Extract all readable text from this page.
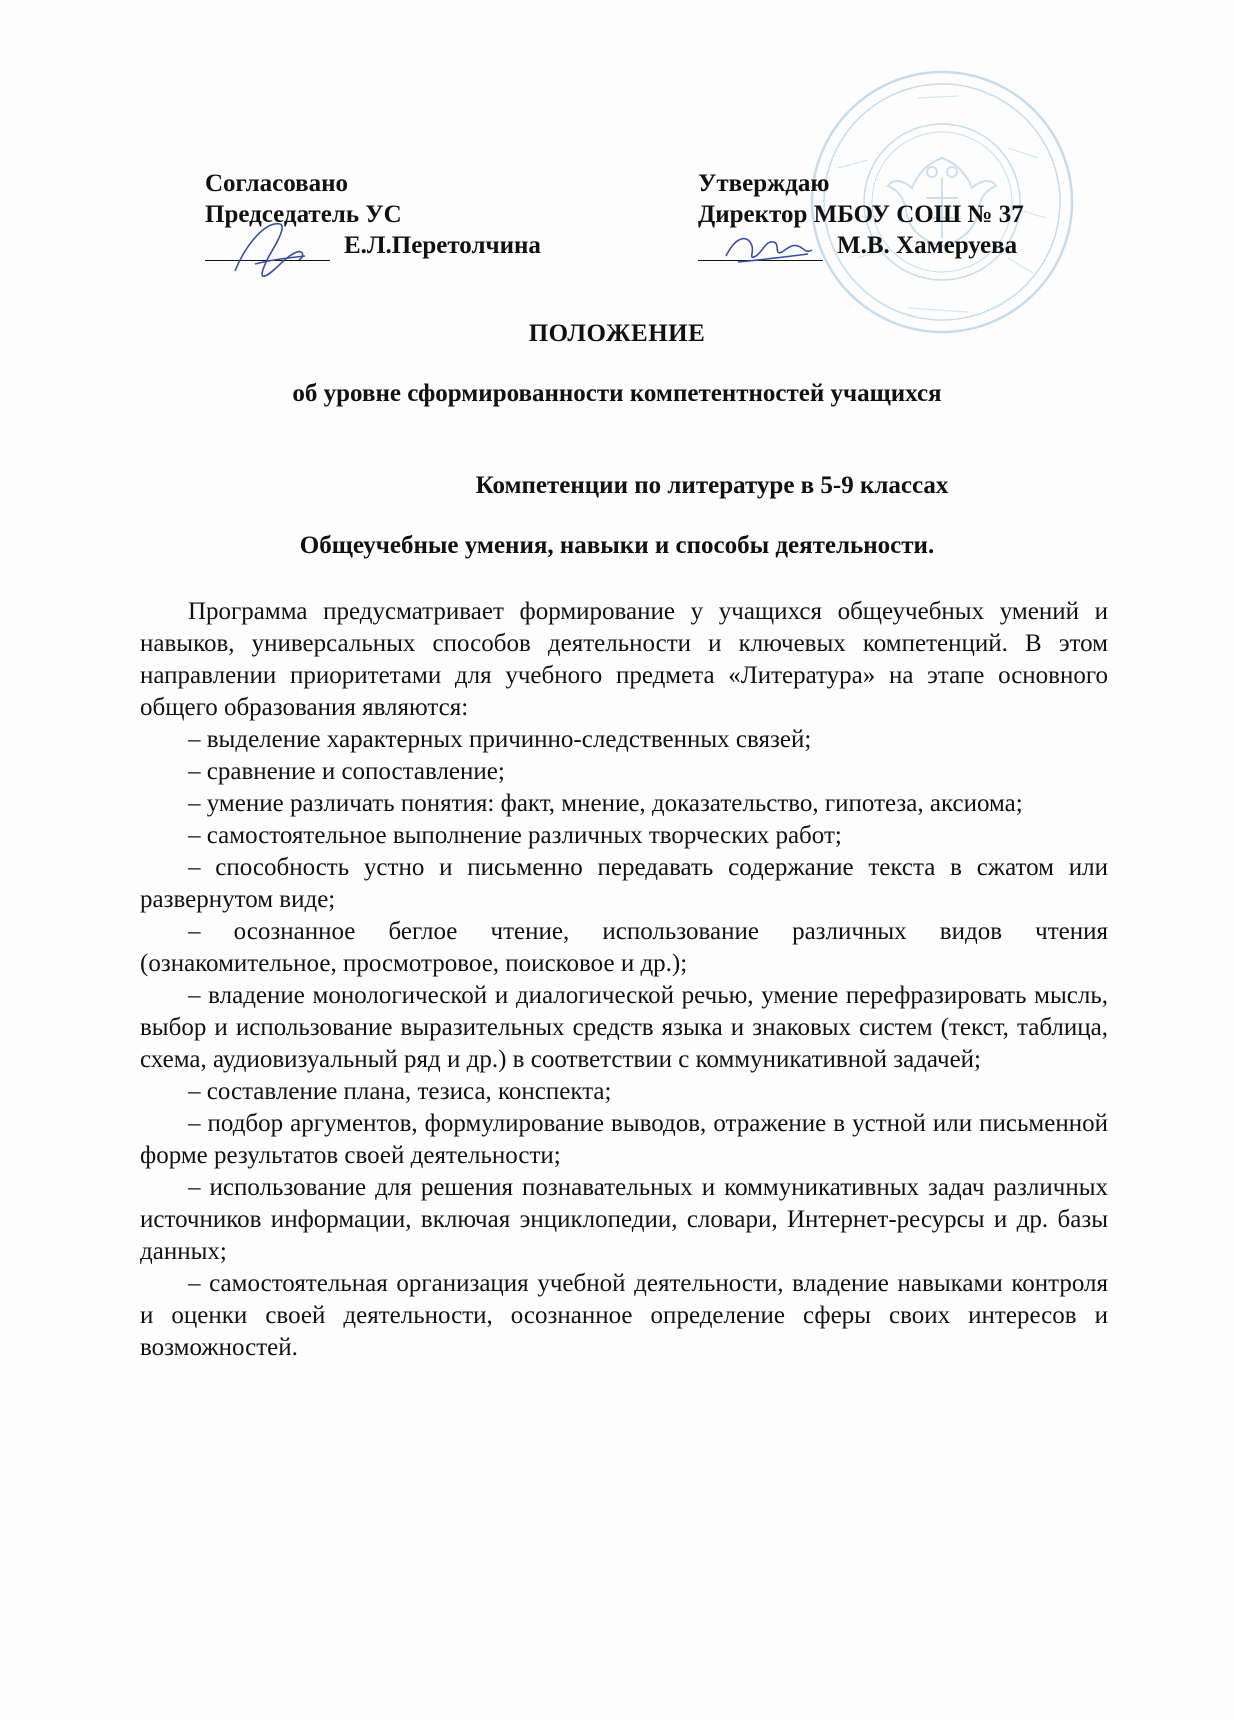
Согласовано
Председатель УС
Е.Л.Перетолчина
Утверждаю
Директор МБОУ СОШ № 37
М.В. Хамеруева
ПОЛОЖЕНИЕ
об уровне сформированности компетентностей учащихся
Компетенции по литературе в 5-9 классах
Общеучебные умения, навыки и способы деятельности.

Программа предусматривает формирование у учащихся общеучебных умений и навыков, универсальных способов деятельности и ключевых компетенций. В этом направлении приоритетами для учебного предмета «Литература» на этапе основного общего образования являются:

– выделение характерных причинно-следственных связей;

– сравнение и сопоставление;

– умение различать понятия: факт, мнение, доказательство, гипотеза, аксиома;

– самостоятельное выполнение различных творческих работ;

– способность устно и письменно передавать содержание текста в сжатом или развернутом виде;

– осознанное беглое чтение, использование различных видов чтения (ознакомительное, просмотровое, поисковое и др.);

– владение монологической и диалогической речью, умение перефразировать мысль, выбор и использование выразительных средств языка и знаковых систем (текст, таблица, схема, аудиовизуальный ряд и др.) в соответствии с коммуникативной задачей;

– составление плана, тезиса, конспекта;

– подбор аргументов, формулирование выводов, отражение в устной или письменной форме результатов своей деятельности;

– использование для решения познавательных и коммуникативных задач различных источников информации, включая энциклопедии, словари, Интернет-ресурсы и др. базы данных;

– самостоятельная организация учебной деятельности, владение навыками контроля и оценки своей деятельности, осознанное определение сферы своих интересов и возможностей.
